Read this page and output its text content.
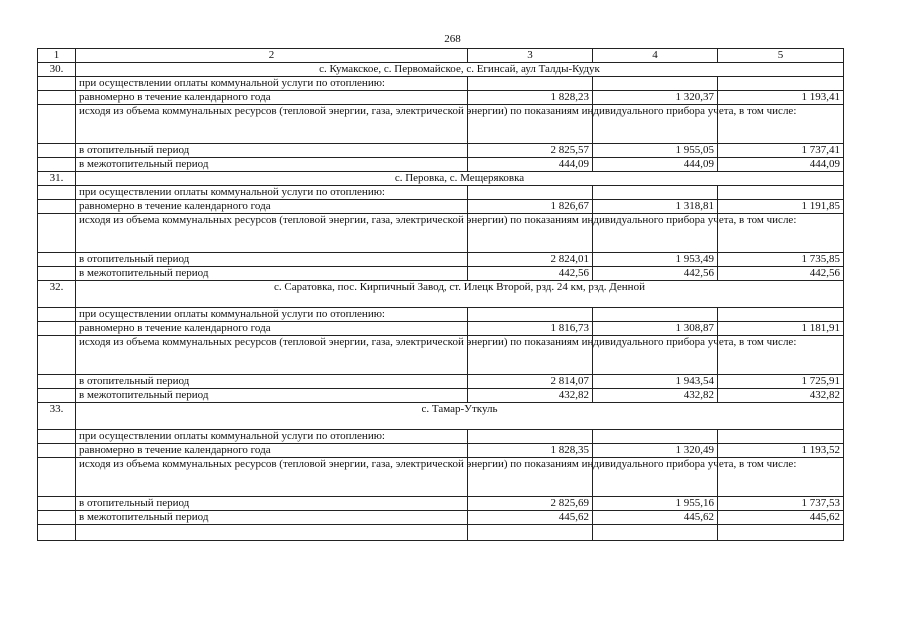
268
1	2	3	4	5
30.	с. Кумакское, с. Первомайское, с. Егинсай, аул Талды-Кудук			
	при осуществлении оплаты коммунальной услуги по отоплению:			
	равномерно в течение календарного года	1 828,23	1 320,37	1 193,41
	исходя из объема коммунальных ресурсов (тепловой энергии, газа, электрической энергии) по показаниям индивидуального прибора учета, в том числе:			
	в отопительный период	2 825,57	1 955,05	1 737,41
	в межотопительный период	444,09	444,09	444,09
31.	с. Перовка, с. Мещеряковка			
	при осуществлении оплаты коммунальной услуги по отоплению:			
	равномерно в течение календарного года	1 826,67	1 318,81	1 191,85
	исходя из объема коммунальных ресурсов (тепловой энергии, газа, электрической энергии) по показаниям индивидуального прибора учета, в том числе:			
	в отопительный период	2 824,01	1 953,49	1 735,85
	в межотопительный период	442,56	442,56	442,56
32.	с. Саратовка, пос. Кирпичный Завод, ст. Илецк Второй, рзд. 24 км, рзд. Денной			
	при осуществлении оплаты коммунальной услуги по отоплению:			
	равномерно в течение календарного года	1 816,73	1 308,87	1 181,91
	исходя из объема коммунальных ресурсов (тепловой энергии, газа, электрической энергии) по показаниям индивидуального прибора учета, в том числе:			
	в отопительный период	2 814,07	1 943,54	1 725,91
	в межотопительный период	432,82	432,82	432,82
33.	с. Тамар-Уткуль			
	при осуществлении оплаты коммунальной услуги по отоплению:			
	равномерно в течение календарного года	1 828,35	1 320,49	1 193,52
	исходя из объема коммунальных ресурсов (тепловой энергии, газа, электрической энергии) по показаниям индивидуального прибора учета, в том числе:			
	в отопительный период	2 825,69	1 955,16	1 737,53
	в межотопительный период	445,62	445,62	445,62
